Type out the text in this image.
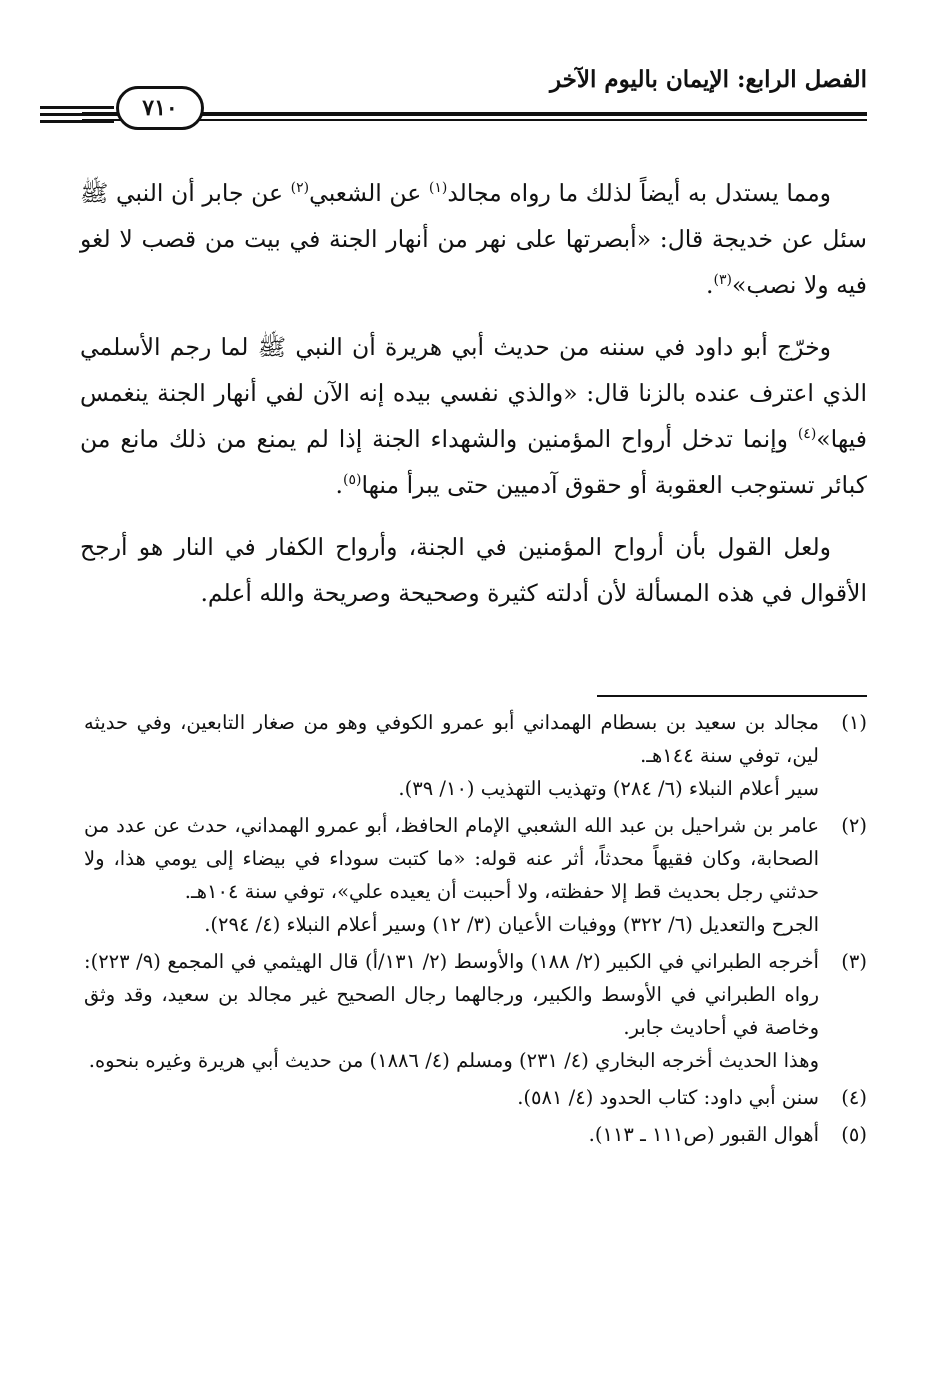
الفصل الرابع: الإيمان باليوم الآخر
٧١٠

ومما يستدل به أيضاً لذلك ما رواه مجالد$^{(١)}$ عن الشعبي$^{(٢)}$ عن جابر أن النبي ﷺ سئل عن خديجة قال: «أبصرتها على نهر من أنهار الجنة في بيت من قصب لا لغو فيه ولا نصب»$^{(٣)}$.

وخرّج أبو داود في سننه من حديث أبي هريرة أن النبي ﷺ لما رجم الأسلمي الذي اعترف عنده بالزنا قال: «والذي نفسي بيده إنه الآن لفي أنهار الجنة ينغمس فيها»$^{(٤)}$ وإنما تدخل أرواح المؤمنين والشهداء الجنة إذا لم يمنع من ذلك مانع من كبائر تستوجب العقوبة أو حقوق آدميين حتى يبرأ منها$^{(٥)}$.

ولعل القول بأن أرواح المؤمنين في الجنة، وأرواح الكفار في النار هو أرجح الأقوال في هذه المسألة لأن أدلته كثيرة وصحيحة وصريحة والله أعلم.

(١)
مجالد بن سعيد بن بسطام الهمداني أبو عمرو الكوفي وهو من صغار التابعين، وفي حديثه لين، توفي سنة ١٤٤هـ.
سير أعلام النبلاء (٦/ ٢٨٤) وتهذيب التهذيب (١٠/ ٣٩).
(٢)
عامر بن شراحيل بن عبد الله الشعبي الإمام الحافظ، أبو عمرو الهمداني، حدث عن عدد من الصحابة، وكان فقيهاً محدثاً، أثر عنه قوله: «ما كتبت سوداء في بيضاء إلى يومي هذا، ولا حدثني رجل بحديث قط إلا حفظته، ولا أحببت أن يعيده علي»، توفي سنة ١٠٤هـ.
الجرح والتعديل (٦/ ٣٢٢) ووفيات الأعيان (٣/ ١٢) وسير أعلام النبلاء (٤/ ٢٩٤).
(٣)
أخرجه الطبراني في الكبير (٢/ ١٨٨) والأوسط (٢/ ١٣١/أ) قال الهيثمي في المجمع (٩/ ٢٢٣): رواه الطبراني في الأوسط والكبير، ورجالهما رجال الصحيح غير مجالد بن سعيد، وقد وثق وخاصة في أحاديث جابر.
وهذا الحديث أخرجه البخاري (٤/ ٢٣١) ومسلم (٤/ ١٨٨٦) من حديث أبي هريرة وغيره بنحوه.
(٤)
سنن أبي داود: كتاب الحدود (٤/ ٥٨١).
(٥)
أهوال القبور (ص١١١ ـ ١١٣).
